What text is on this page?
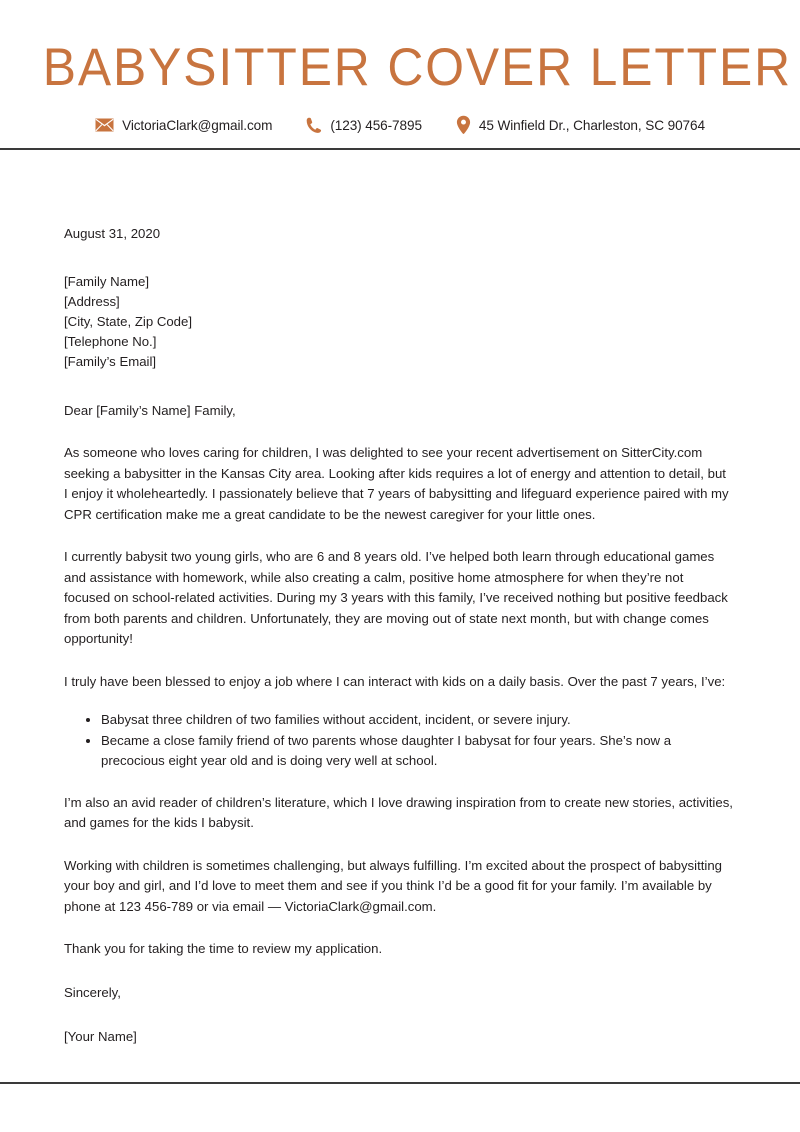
BABYSITTER COVER LETTER
VictoriaClark@gmail.com	(123) 456-7895	45 Winfield Dr., Charleston, SC 90764
August 31, 2020
[Family Name]
[Address]
[City, State, Zip Code]
[Telephone No.]
[Family’s Email]
Dear [Family’s Name] Family,

As someone who loves caring for children, I was delighted to see your recent advertisement on SitterCity.com seeking a babysitter in the Kansas City area. Looking after kids requires a lot of energy and attention to detail, but I enjoy it wholeheartedly. I passionately believe that 7 years of babysitting and lifeguard experience paired with my CPR certification make me a great candidate to be the newest caregiver for your little ones.

I currently babysit two young girls, who are 6 and 8 years old. I’ve helped both learn through educational games and assistance with homework, while also creating a calm, positive home atmosphere for when they’re not focused on school-related activities. During my 3 years with this family, I’ve received nothing but positive feedback from both parents and children. Unfortunately, they are moving out of state next month, but with change comes opportunity!

I truly have been blessed to enjoy a job where I can interact with kids on a daily basis. Over the past 7 years, I’ve:

Babysat three children of two families without accident, incident, or severe injury.
Became a close family friend of two parents whose daughter I babysat for four years. She’s now a precocious eight year old and is doing very well at school.

I’m also an avid reader of children’s literature, which I love drawing inspiration from to create new stories, activities, and games for the kids I babysit.

Working with children is sometimes challenging, but always fulfilling. I’m excited about the prospect of babysitting your boy and girl, and I’d love to meet them and see if you think I’d be a good fit for your family. I’m available by phone at 123 456-789 or via email — VictoriaClark@gmail.com.

Thank you for taking the time to review my application.
Sincerely,
[Your Name]
